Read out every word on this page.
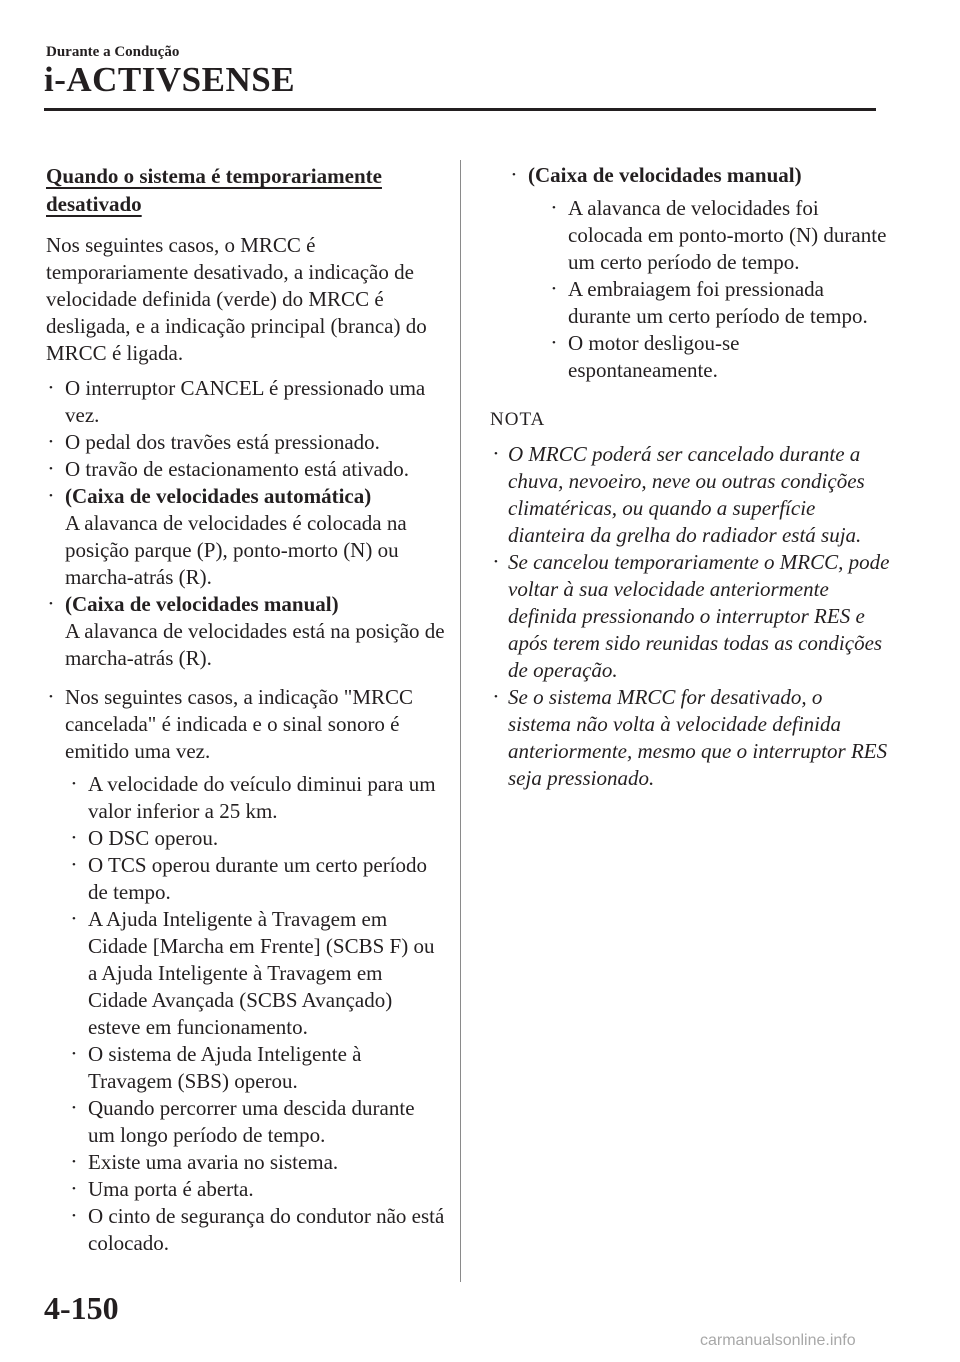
Durante a Condução
i-ACTIVSENSE
Quando o sistema é temporariamente desativado

Nos seguintes casos, o MRCC é temporariamente desativado, a indicação de velocidade definida (verde) do MRCC é desligada, e a indicação principal (branca) do MRCC é ligada.

• O interruptor CANCEL é pressionado uma vez.
• O pedal dos travões está pressionado.
• O travão de estacionamento está ativado.
• (Caixa de velocidades automática)
A alavanca de velocidades é colocada na posição parque (P), ponto-morto (N) ou marcha-atrás (R).
• (Caixa de velocidades manual)
A alavanca de velocidades está na posição de marcha-atrás (R).
• Nos seguintes casos, a indicação "MRCC cancelada" é indicada e o sinal sonoro é emitido uma vez.
• A velocidade do veículo diminui para um valor inferior a 25 km.
• O DSC operou.
• O TCS operou durante um certo período de tempo.
• A Ajuda Inteligente à Travagem em Cidade [Marcha em Frente] (SCBS F) ou a Ajuda Inteligente à Travagem em Cidade Avançada (SCBS Avançado) esteve em funcionamento.
• O sistema de Ajuda Inteligente à Travagem (SBS) operou.
• Quando percorrer uma descida durante um longo período de tempo.
• Existe uma avaria no sistema.
• Uma porta é aberta.
• O cinto de segurança do condutor não está colocado.
• (Caixa de velocidades manual)
• A alavanca de velocidades foi colocada em ponto-morto (N) durante um certo período de tempo.
• A embraiagem foi pressionada durante um certo período de tempo.
• O motor desligou-se espontaneamente.
NOTA
• O MRCC poderá ser cancelado durante a chuva, nevoeiro, neve ou outras condições climatéricas, ou quando a superfície dianteira da grelha do radiador está suja.
• Se cancelou temporariamente o MRCC, pode voltar à sua velocidade anteriormente definida pressionando o interruptor RES e após terem sido reunidas todas as condições de operação.
• Se o sistema MRCC for desativado, o sistema não volta à velocidade definida anteriormente, mesmo que o interruptor RES seja pressionado.
4-150
carmanualsonline.info
